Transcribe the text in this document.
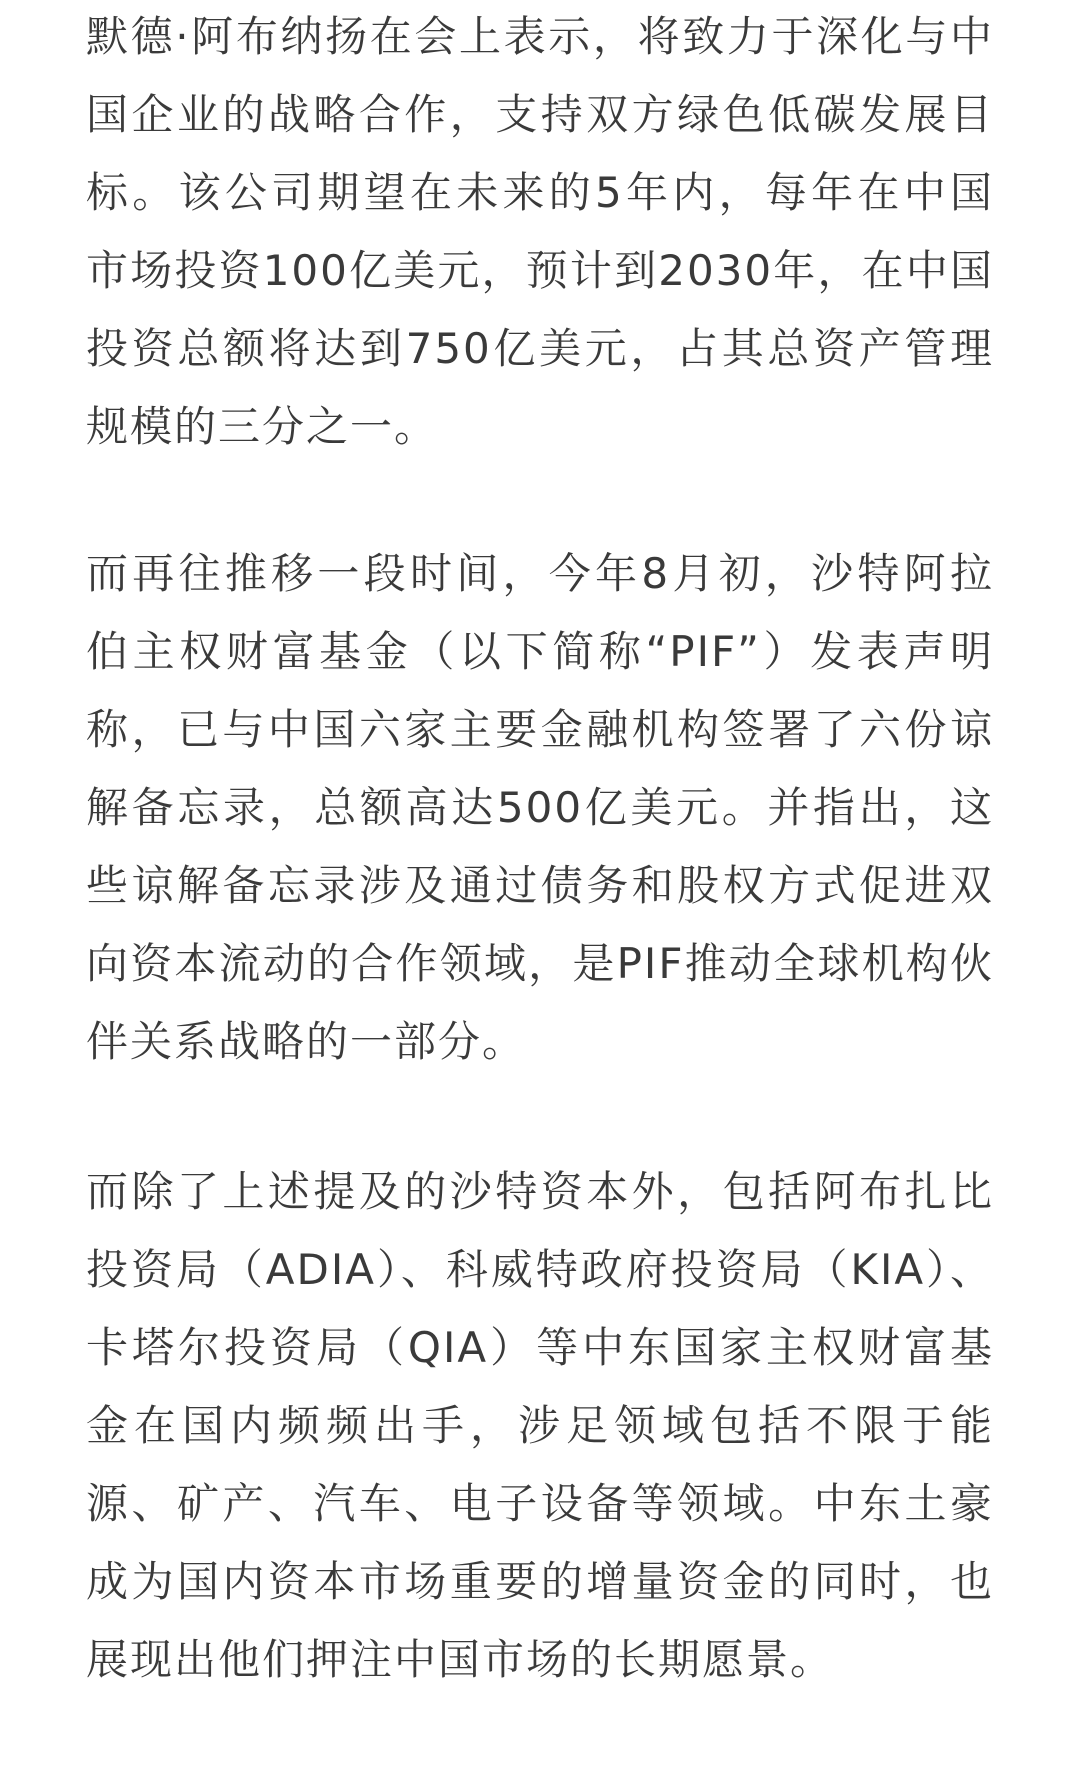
默德·阿布纳扬在会上表示，将致力于深化与中国企业的战略合作，支持双方绿色低碳发展目标。该公司期望在未来的5年内，每年在中国市场投资100亿美元，预计到2030年，在中国投资总额将达到750亿美元，占其总资产管理规模的三分之一。

而再往推移一段时间，今年8月初，沙特阿拉伯主权财富基金（以下简称“PIF”）发表声明称，已与中国六家主要金融机构签署了六份谅解备忘录，总额高达500亿美元。并指出，这些谅解备忘录涉及通过债务和股权方式促进双向资本流动的合作领域，是PIF推动全球机构伙伴关系战略的一部分。

而除了上述提及的沙特资本外，包括阿布扎比投资局（ADIA）、科威特政府投资局（KIA）、卡塔尔投资局（QIA）等中东国家主权财富基金在国内频频出手，涉足领域包括不限于能源、矿产、汽车、电子设备等领域。中东土豪成为国内资本市场重要的增量资金的同时，也展现出他们押注中国市场的长期愿景。
